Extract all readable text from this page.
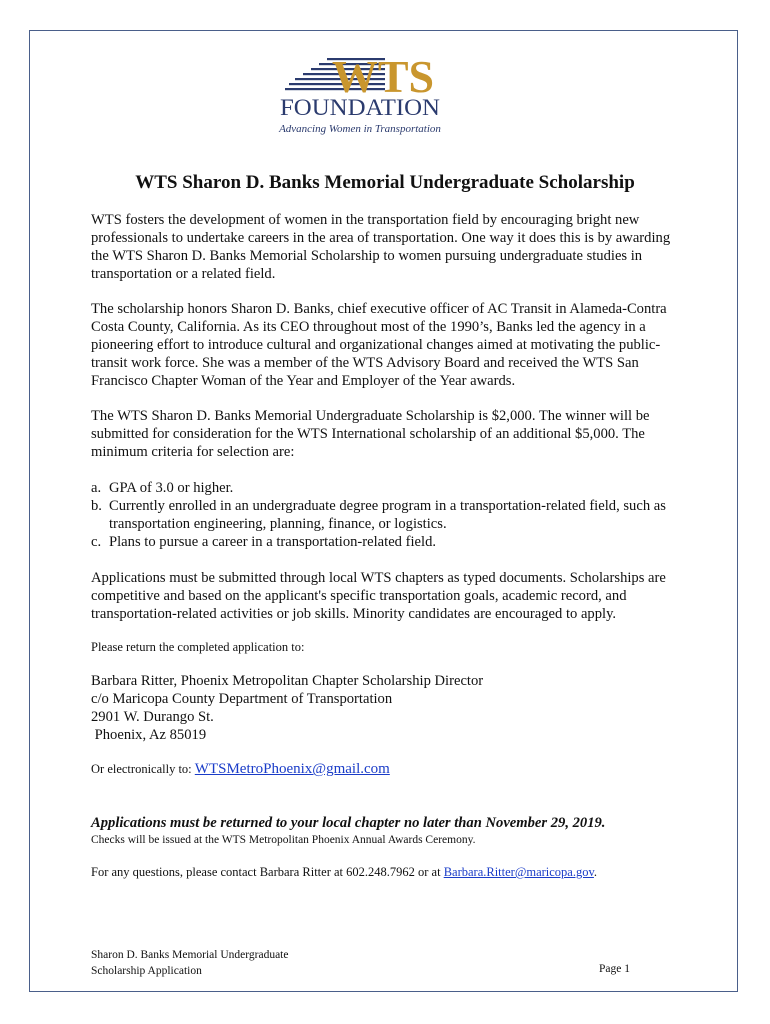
WTS
FOUNDATION
Advancing Women in Transportation
WTS Sharon D. Banks Memorial Undergraduate Scholarship

WTS fosters the development of women in the transportation field by encouraging bright new professionals to undertake careers in the area of transportation. One way it does this is by awarding the WTS Sharon D. Banks Memorial Scholarship to women pursuing undergraduate studies in transportation or a related field.

The scholarship honors Sharon D. Banks, chief executive officer of AC Transit in Alameda-Contra Costa County, California. As its CEO throughout most of the 1990’s, Banks led the agency in a pioneering effort to introduce cultural and organizational changes aimed at motivating the public-transit work force. She was a member of the WTS Advisory Board and received the WTS San Francisco Chapter Woman of the Year and Employer of the Year awards.

The WTS Sharon D. Banks Memorial Undergraduate Scholarship is $2,000. The winner will be submitted for consideration for the WTS International scholarship of an additional $5,000. The minimum criteria for selection are:

a. GPA of 3.0 or higher.
b. Currently enrolled in an undergraduate degree program in a transportation-related field, such as transportation engineering, planning, finance, or logistics.
c. Plans to pursue a career in a transportation-related field.

Applications must be submitted through local WTS chapters as typed documents. Scholarships are competitive and based on the applicant's specific transportation goals, academic record, and transportation-related activities or job skills. Minority candidates are encouraged to apply.

Please return the completed application to:
Barbara Ritter, Phoenix Metropolitan Chapter Scholarship Director
c/o Maricopa County Department of Transportation
2901 W. Durango St.
Phoenix, Az 85019
Or electronically to: WTSMetroPhoenix@gmail.com
Applications must be returned to your local chapter no later than November 29, 2019.
Checks will be issued at the WTS Metropolitan Phoenix Annual Awards Ceremony.
For any questions, please contact Barbara Ritter at 602.248.7962 or at Barbara.Ritter@maricopa.gov.
Sharon D. Banks Memorial Undergraduate
Scholarship Application	Page 1
